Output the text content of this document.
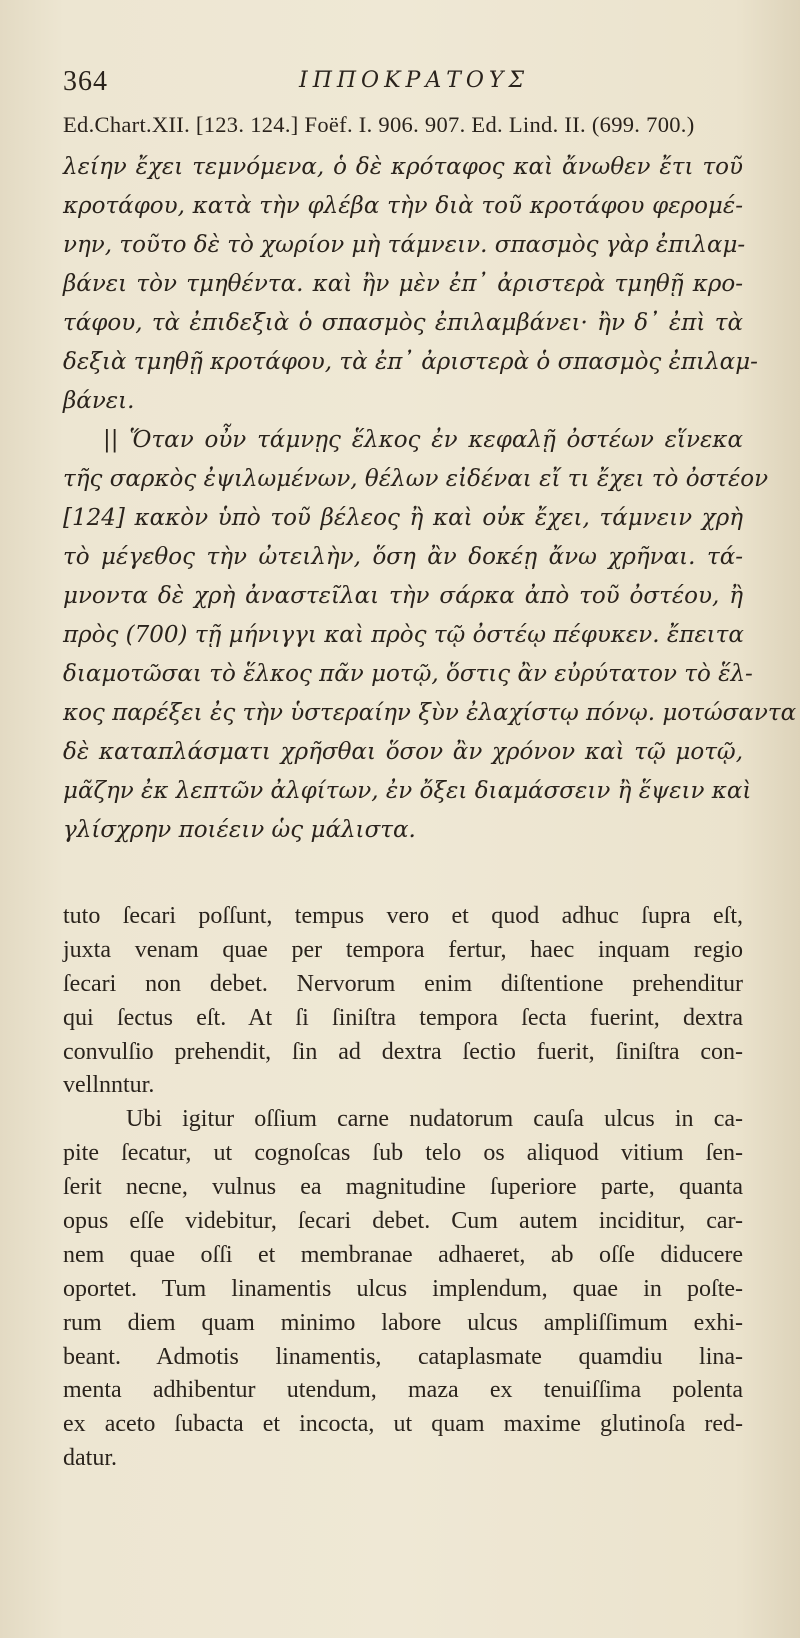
364	ΙΠΠΟΚΡΑΤΟΥΣ
Ed.Chart.XII. [123. 124.] Foëf. I. 906. 907. Ed. Lind. II. (699. 700.)
λείην ἔχει τεμνόμενα, ὁ δὲ κρόταφος καὶ ἄνωθεν ἔτι τοῦ
κροτάφου, κατὰ τὴν φλέβα τὴν διὰ τοῦ κροτάφου φερομέ-
νην, τοῦτο δὲ τὸ χωρίον μὴ τάμνειν. σπασμὸς γὰρ ἐπιλαμ-
βάνει τὸν τμηθέντα. καὶ ἢν μὲν ἐπ᾽ ἀριστερὰ τμηθῇ κρο-
τάφου, τὰ ἐπιδεξιὰ ὁ σπασμὸς ἐπιλαμβάνει· ἢν δ᾽ ἐπὶ τὰ
δεξιὰ τμηθῇ κροτάφου, τὰ ἐπ᾽ ἀριστερὰ ὁ σπασμὸς ἐπιλαμ-
βάνει.
|| Ὅταν οὖν τάμνῃς ἕλκος ἐν κεφαλῇ ὀστέων εἵνεκα
τῆς σαρκὸς ἐψιλωμένων, θέλων εἰδέναι εἴ τι ἔχει τὸ ὀστέον
[124] κακὸν ὑπὸ τοῦ βέλεος ἢ καὶ οὐκ ἔχει, τάμνειν χρὴ
τὸ μέγεθος τὴν ὠτειλὴν, ὅση ἂν δοκέῃ ἄνω χρῆναι. τά-
μνοντα δὲ χρὴ ἀναστεῖλαι τὴν σάρκα ἀπὸ τοῦ ὀστέου, ἢ
πρὸς (700) τῇ μήνιγγι καὶ πρὸς τῷ ὀστέῳ πέφυκεν. ἔπειτα
διαμοτῶσαι τὸ ἕλκος πᾶν μοτῷ, ὅστις ἂν εὐρύτατον τὸ ἕλ-
κος παρέξει ἐς τὴν ὑστεραίην ξὺν ἐλαχίστῳ πόνῳ. μοτώσαντα
δὲ καταπλάσματι χρῆσθαι ὅσον ἂν χρόνον καὶ τῷ μοτῷ,
μᾶζην ἐκ λεπτῶν ἀλφίτων, ἐν ὄξει διαμάσσειν ἢ ἕψειν καὶ
γλίσχρην ποιέειν ὡς μάλιστα.
tuto ſecari poſſunt, tempus vero et quod adhuc ſupra eſt,
juxta venam quae per tempora fertur, haec inquam regio
ſecari non debet. Nervorum enim diſtentione prehenditur
qui ſectus eſt. At ſi ſiniſtra tempora ſecta fuerint, dextra
convulſio prehendit, ſin ad dextra ſectio fuerit, ſiniſtra con-
vellnntur.
Ubi igitur oſſium carne nudatorum cauſa ulcus in ca-
pite ſecatur, ut cognoſcas ſub telo os aliquod vitium ſen-
ſerit necne, vulnus ea magnitudine ſuperiore parte, quanta
opus eſſe videbitur, ſecari debet. Cum autem inciditur, car-
nem quae oſſi et membranae adhaeret, ab oſſe diducere
oportet. Tum linamentis ulcus implendum, quae in poſte-
rum diem quam minimo labore ulcus ampliſſimum exhi-
beant. Admotis linamentis, cataplasmate quamdiu lina-
menta adhibentur utendum, maza ex tenuiſſima polenta
ex aceto ſubacta et incocta, ut quam maxime glutinoſa red-
datur.
